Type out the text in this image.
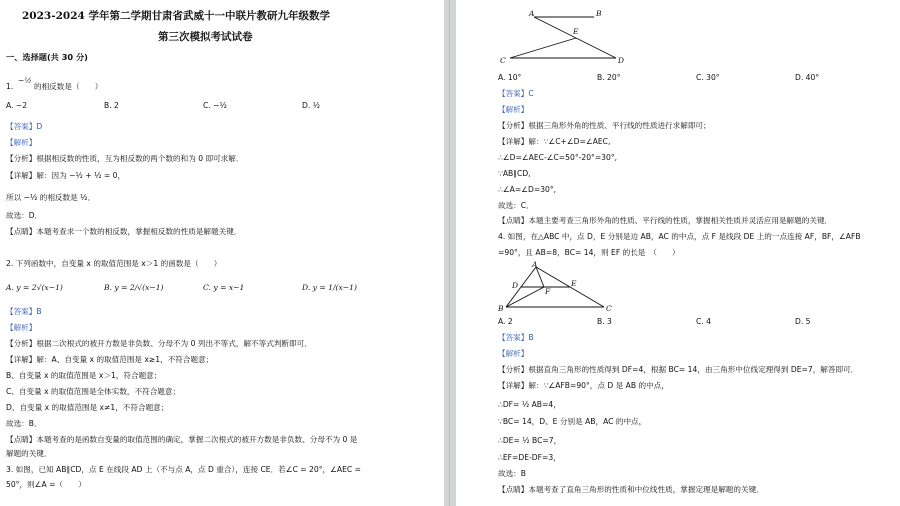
2023-2024 学年第二学期甘肃省武威十一中联片教研九年级数学
第三次模拟考试试卷
一、选择题(共 30 分)
1.
−½
的相反数是（　　）
A. −2	B. 2	C. −½	D. ½
【答案】D
【解析】
【分析】根据相反数的性质，互为相反数的两个数的和为 0 即可求解．
【详解】解：因为 −½ + ½ = 0，
所以 −½ 的相反数是 ½．
故选：D．
【点睛】本题考查求一个数的相反数，掌握相反数的性质是解题关键．
2. 下列函数中，自变量 x 的取值范围是 x＞1 的函数是（　　）
A. y = 2√(x−1)	B. y = 2/√(x−1)	C. y = x−1	D. y = 1/(x−1)
【答案】B
【解析】
【分析】根据二次根式的被开方数是非负数、分母不为 0 列出不等式，解不等式判断即可．
【详解】解：A、自变量 x 的取值范围是 x≥1，不符合题意；
B、自变量 x 的取值范围是 x＞1，符合题意；
C、自变量 x 的取值范围是全体实数，不符合题意；
D、自变量 x 的取值范围是 x≠1，不符合题意；
故选：B．
【点睛】本题考查的是函数自变量的取值范围的确定，掌握二次根式的被开方数是非负数、分母不为 0 是
解题的关键．
3. 如图，已知 AB∥CD，点 E 在线段 AD 上（不与点 A，点 D 重合），连接 CE．若∠C = 20°，∠AEC =
50°，则∠A =（　　）
A	B
E
C	D
A. 10°	B. 20°	C. 30°	D. 40°
【答案】C
【解析】
【分析】根据三角形外角的性质、平行线的性质进行求解即可；
【详解】解：∵∠C+∠D=∠AEC,
∴∠D=∠AEC-∠C=50°-20°=30°,
∵AB∥CD,
∴∠A=∠D=30°,
故选：C．
【点睛】本题主要考查三角形外角的性质、平行线的性质，掌握相关性质并灵活应用是解题的关键．
4. 如图，在△ABC 中，点 D，E 分别是边 AB，AC 的中点，点 F 是线段 DE 上的一点连接 AF，BF，∠AFB
=90°，且 AB=8，BC= 14，则 EF 的长是　（　　）
A
D	E
F
B	C
A. 2	B. 3	C. 4	D. 5
【答案】B
【解析】
【分析】根据直角三角形的性质得到 DF=4，根据 BC= 14，由三角形中位线定理得到 DE=7，解答即可．
【详解】解：∵∠AFB=90°，点 D 是 AB 的中点，
∴DF= ½ AB=4，
∵BC= 14，D、E 分别是 AB，AC 的中点，
∴DE= ½ BC=7，
∴EF=DE-DF=3，
故选：B
【点睛】本题考查了直角三角形的性质和中位线性质，掌握定理是解题的关键．
